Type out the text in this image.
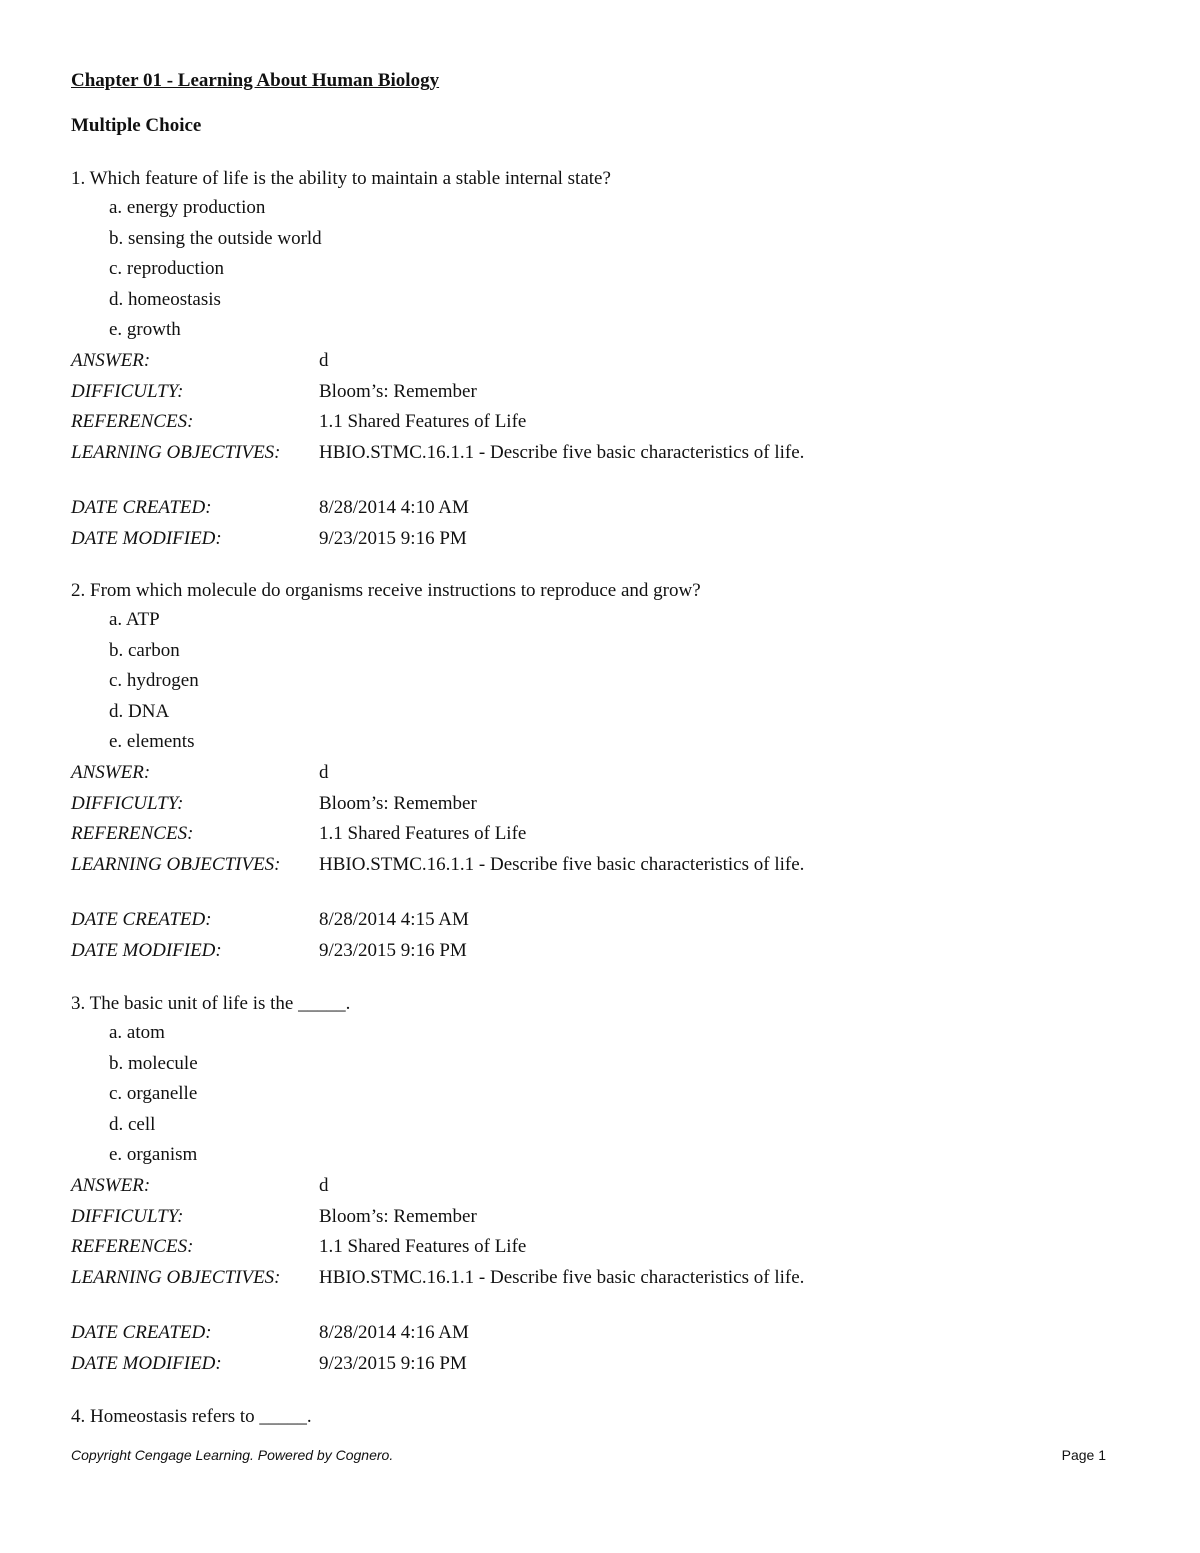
Chapter 01 - Learning About Human Biology
Multiple Choice
1. Which feature of life is the ability to maintain a stable internal state?
a. energy production
b. sensing the outside world
c. reproduction
d. homeostasis
e. growth
ANSWER:	d
DIFFICULTY:	Bloom’s: Remember
REFERENCES:	1.1 Shared Features of Life
LEARNING OBJECTIVES:	HBIO.STMC.16.1.1 - Describe five basic characteristics of life.
DATE CREATED:	8/28/2014 4:10 AM
DATE MODIFIED:	9/23/2015 9:16 PM
2. From which molecule do organisms receive instructions to reproduce and grow?
a. ATP
b. carbon
c. hydrogen
d. DNA
e. elements
ANSWER:	d
DIFFICULTY:	Bloom’s: Remember
REFERENCES:	1.1 Shared Features of Life
LEARNING OBJECTIVES:	HBIO.STMC.16.1.1 - Describe five basic characteristics of life.
DATE CREATED:	8/28/2014 4:15 AM
DATE MODIFIED:	9/23/2015 9:16 PM
3. The basic unit of life is the _____.
a. atom
b. molecule
c. organelle
d. cell
e. organism
ANSWER:	d
DIFFICULTY:	Bloom’s: Remember
REFERENCES:	1.1 Shared Features of Life
LEARNING OBJECTIVES:	HBIO.STMC.16.1.1 - Describe five basic characteristics of life.
DATE CREATED:	8/28/2014 4:16 AM
DATE MODIFIED:	9/23/2015 9:16 PM
4. Homeostasis refers to _____.
Copyright Cengage Learning. Powered by Cognero.	Page 1
